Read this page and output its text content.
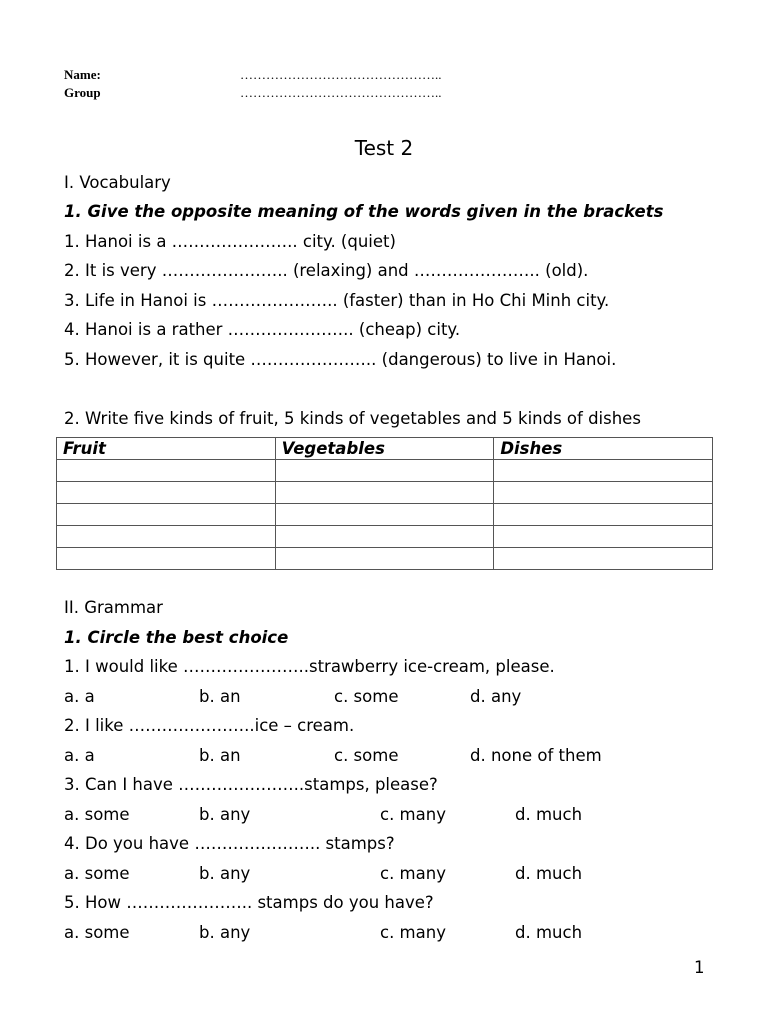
Name:	………………………………………..
Group	………………………………………..
Test 2
I. Vocabulary
1. Give the opposite meaning of the words given in the brackets
1. Hanoi is a ………………….. city. (quiet)
2. It is very ………………….. (relaxing) and ………………….. (old).
3. Life in Hanoi is ………………….. (faster) than in Ho Chi Minh city.
4. Hanoi is a rather ………………….. (cheap) city.
5. However, it is quite ………………….. (dangerous) to live in Hanoi.
2. Write five kinds of fruit, 5 kinds of vegetables and 5 kinds of dishes
Fruit	Vegetables	Dishes

II. Grammar
1. Circle the best choice
1. I would like …………………..strawberry ice-cream, please.
a. a	b. an	c. some	d. any
2. I like …………………..ice – cream.
a. a	b. an	c. some	d. none of them
3. Can I have …………………..stamps, please?
a. some	b. any	c. many	d. much
4. Do you have ………………….. stamps?
a. some	b. any	c. many	d. much
5. How ………………….. stamps do you have?
a. some	b. any	c. many	d. much
1
